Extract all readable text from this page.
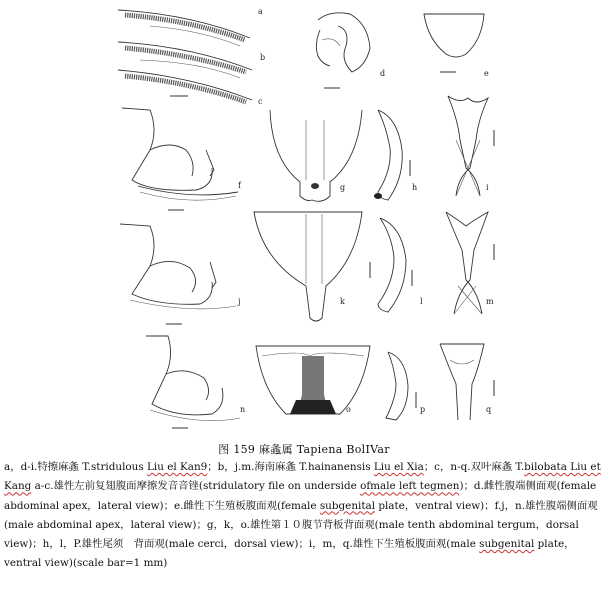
a
b
c
d	e
f	g	h	i
j	k	l	m
n	o	p	q
图 159 麻螽属 Tapiena BolIVar

a，d-i.特擦麻螽 T.stridulous Liu el Kan9；b，j.m.海南麻螽 T.hainanensis Liu el Xia；c，n-q.双叶麻螽 T.bilobata Liu et Kang a-c.雄性左前复翅腹面摩擦发音音锉(stridulatory file on underside ofmale left tegmen)；d.雌性腹端侧面观(female abdominal apex，lateral view)；e.雌性下生殖板腹面观(female subgenital plate，ventral view)；f.j，n.雄性腹端侧面观(male abdominal apex，lateral view)；g，k，o.雄性第１０腹节背板背面观(male tenth abdominal tergum，dorsal view)；h，l，P.雄性尾须　背面观(male cerci，dorsal view)；i，m，q.雄性下生殖板腹面观(male subgenital plate，ventral view)(scale bar=1 mm)
